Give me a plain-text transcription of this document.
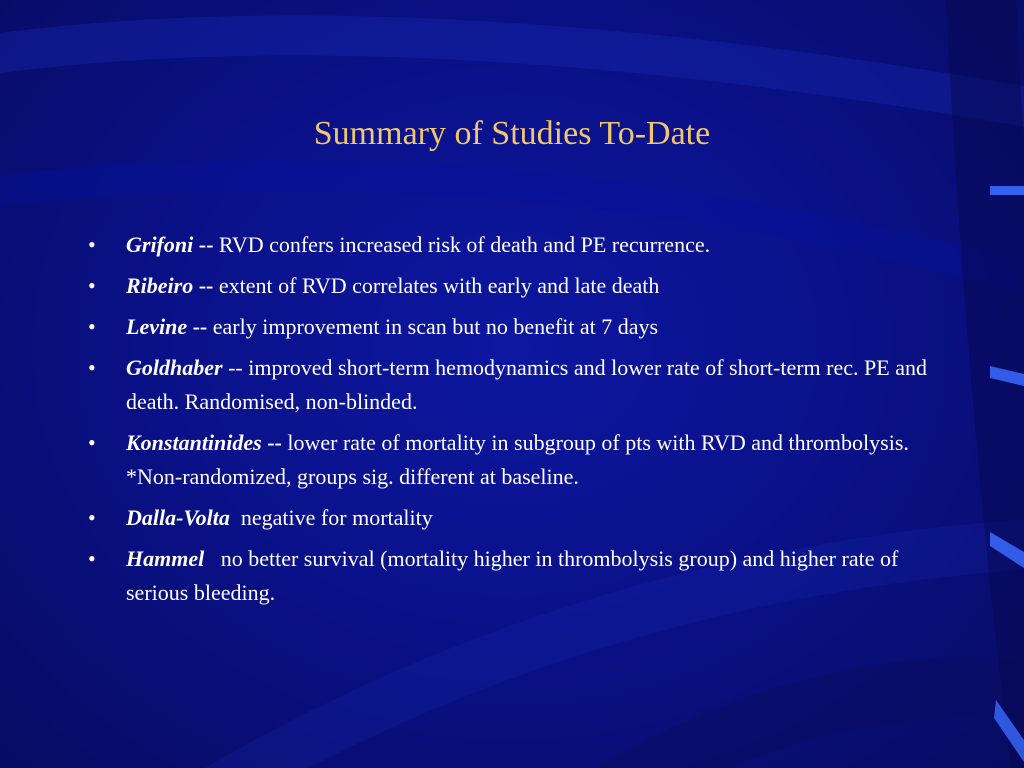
Summary of Studies To-Date
• Grifoni -- RVD confers increased risk of death and PE recurrence.
• Ribeiro -- extent of RVD correlates with early and late death
• Levine -- early improvement in scan but no benefit at 7 days
• Goldhaber -- improved short-term hemodynamics and lower rate of short-term rec. PE and death. Randomised, non-blinded.
• Konstantinides -- lower rate of mortality in subgroup of pts with RVD and thrombolysis. *Non-randomized, groups sig. different at baseline.
• Dalla-Volta negative for mortality
• Hammel no better survival (mortality higher in thrombolysis group) and higher rate of serious bleeding.
